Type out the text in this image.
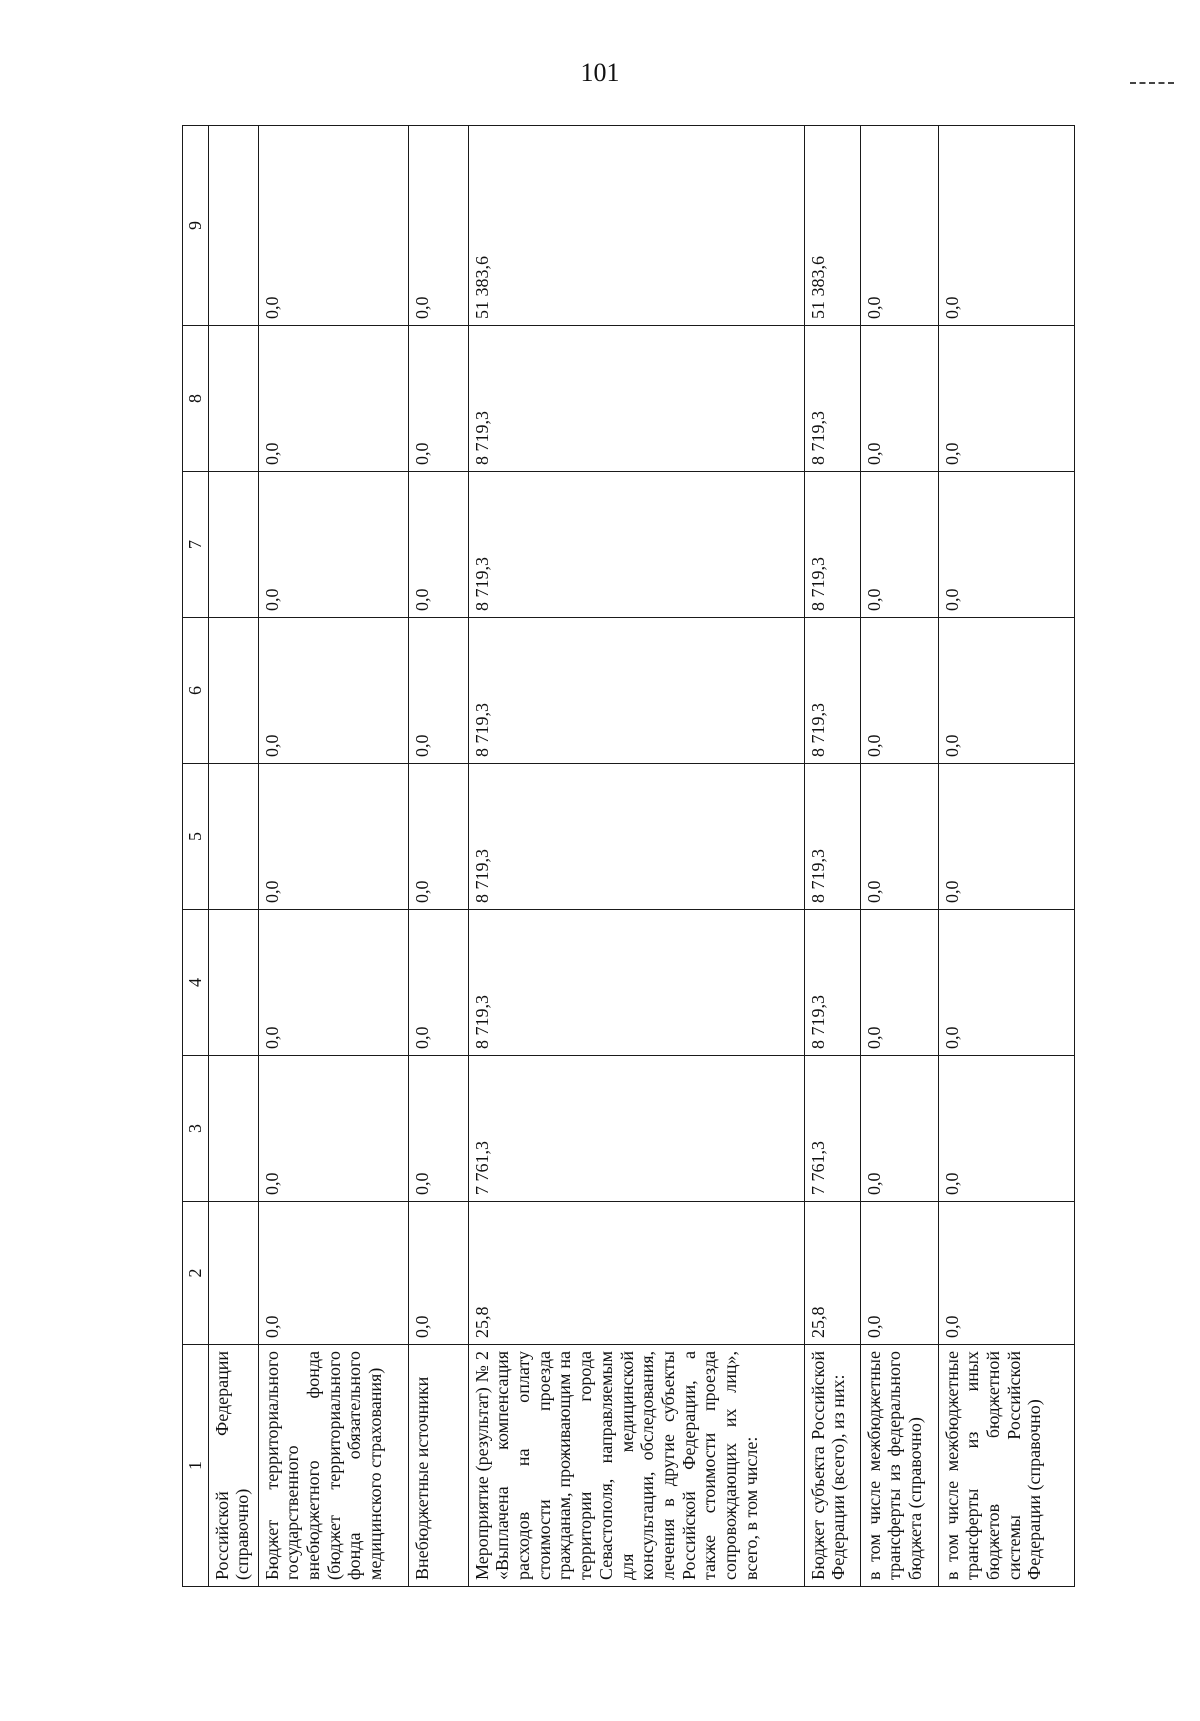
101
1	2	3	4	5	6	7	8	9
Российской Федерации (справочно)								
Бюджет территориального государственного внебюджетного фонда (бюджет территориального фонда обязательного медицинского страхования)	0,0	0,0	0,0	0,0	0,0	0,0	0,0	0,0
Внебюджетные источники	0,0	0,0	0,0	0,0	0,0	0,0	0,0	0,0
Мероприятие (результат) № 2 «Выплачена компенсация расходов на оплату стоимости проезда гражданам, проживающим на территории города Севастополя, направляемым для медицинской консультации, обследования, лечения в другие субъекты Российской Федерации, а также стоимости проезда сопровождающих их лиц», всего, в том числе:	25,8	7 761,3	8 719,3	8 719,3	8 719,3	8 719,3	8 719,3	51 383,6
Бюджет субъекта Российской Федерации (всего), из них:	25,8	7 761,3	8 719,3	8 719,3	8 719,3	8 719,3	8 719,3	51 383,6
в том числе межбюджетные трансферты из федерального бюджета (справочно)	0,0	0,0	0,0	0,0	0,0	0,0	0,0	0,0
в том числе межбюджетные трансферты из иных бюджетов бюджетной системы Российской Федерации (справочно)	0,0	0,0	0,0	0,0	0,0	0,0	0,0	0,0
